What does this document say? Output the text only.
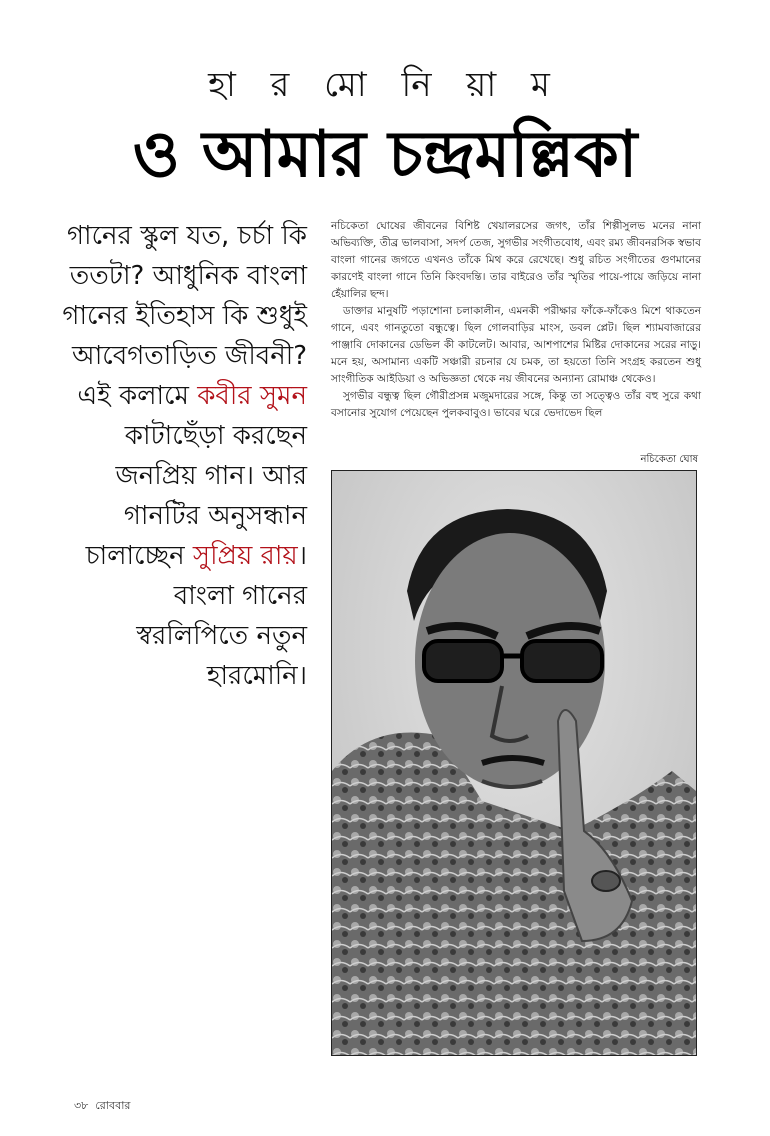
হা র মো নি য়া ম
ও আমার চন্দ্রমল্লিকা
গানের স্কুল যত, চর্চা কি ততটা? আধুনিক বাংলা গানের ইতিহাস কি শুধুই আবেগতাড়িত জীবনী? এই কলামে কবীর সুমন কাটাছেঁড়া করছেন জনপ্রিয় গান। আর গানটির অনুসন্ধান চালাচ্ছেন সুপ্রিয় রায়। বাংলা গানের স্বরলিপিতে নতুন হারমোনি।

নচিকেতা ঘোষের জীবনের বিশিষ্ট খেয়ালরসের জগৎ, তাঁর শিল্পীসুলভ মনের নানা অভিব্যক্তি, তীব্র ভালবাসা, সদর্প তেজ, সুগভীর সংগীতবোধ, এবং রম্য জীবনরসিক স্বভাব বাংলা গানের জগতে এখনও তাঁকে মিথ করে রেখেছে। শুধু রচিত সংগীতের গুণমানের কারণেই বাংলা গানে তিনি কিংবদন্তি। তার বাইরেও তাঁর স্মৃতির পায়ে-পায়ে জড়িয়ে নানা হেঁয়ালির ছন্দ।

ডাক্তার মানুষটি পড়াশোনা চলাকালীন, এমনকী পরীক্ষার ফাঁকে-ফাঁকেও মিশে থাকতেন গানে, এবং গানতুতো বন্ধুত্বে। ছিল গোলবাড়ির মাংস, ডবল প্লেট। ছিল শ্যামবাজারের পাঞ্জাবি দোকানের ডেভিল কী কাটলেট। আবার, আশপাশের মিষ্টির দোকানের সরের নাড়ু। মনে হয়, অসামান্য একটি সঞ্চারী রচনার যে চমক, তা হয়তো তিনি সংগ্রহ করতেন শুধু সাংগীতিক আইডিয়া ও অভিজ্ঞতা থেকে নয় জীবনের অন্যান্য রোমাঞ্চ থেকেও।

সুগভীর বন্ধুত্ব ছিল গৌরীপ্রসন্ন মজুমদারের সঙ্গে, কিন্তু তা সত্ত্বেও তাঁর বহু সুরে কথা বসানোর সুযোগ পেয়েছেন পুলকবাবুও। ভাবের ঘরে ভেদাভেদ ছিল

নচিকেতা ঘোষ
৩৮ রোববার
